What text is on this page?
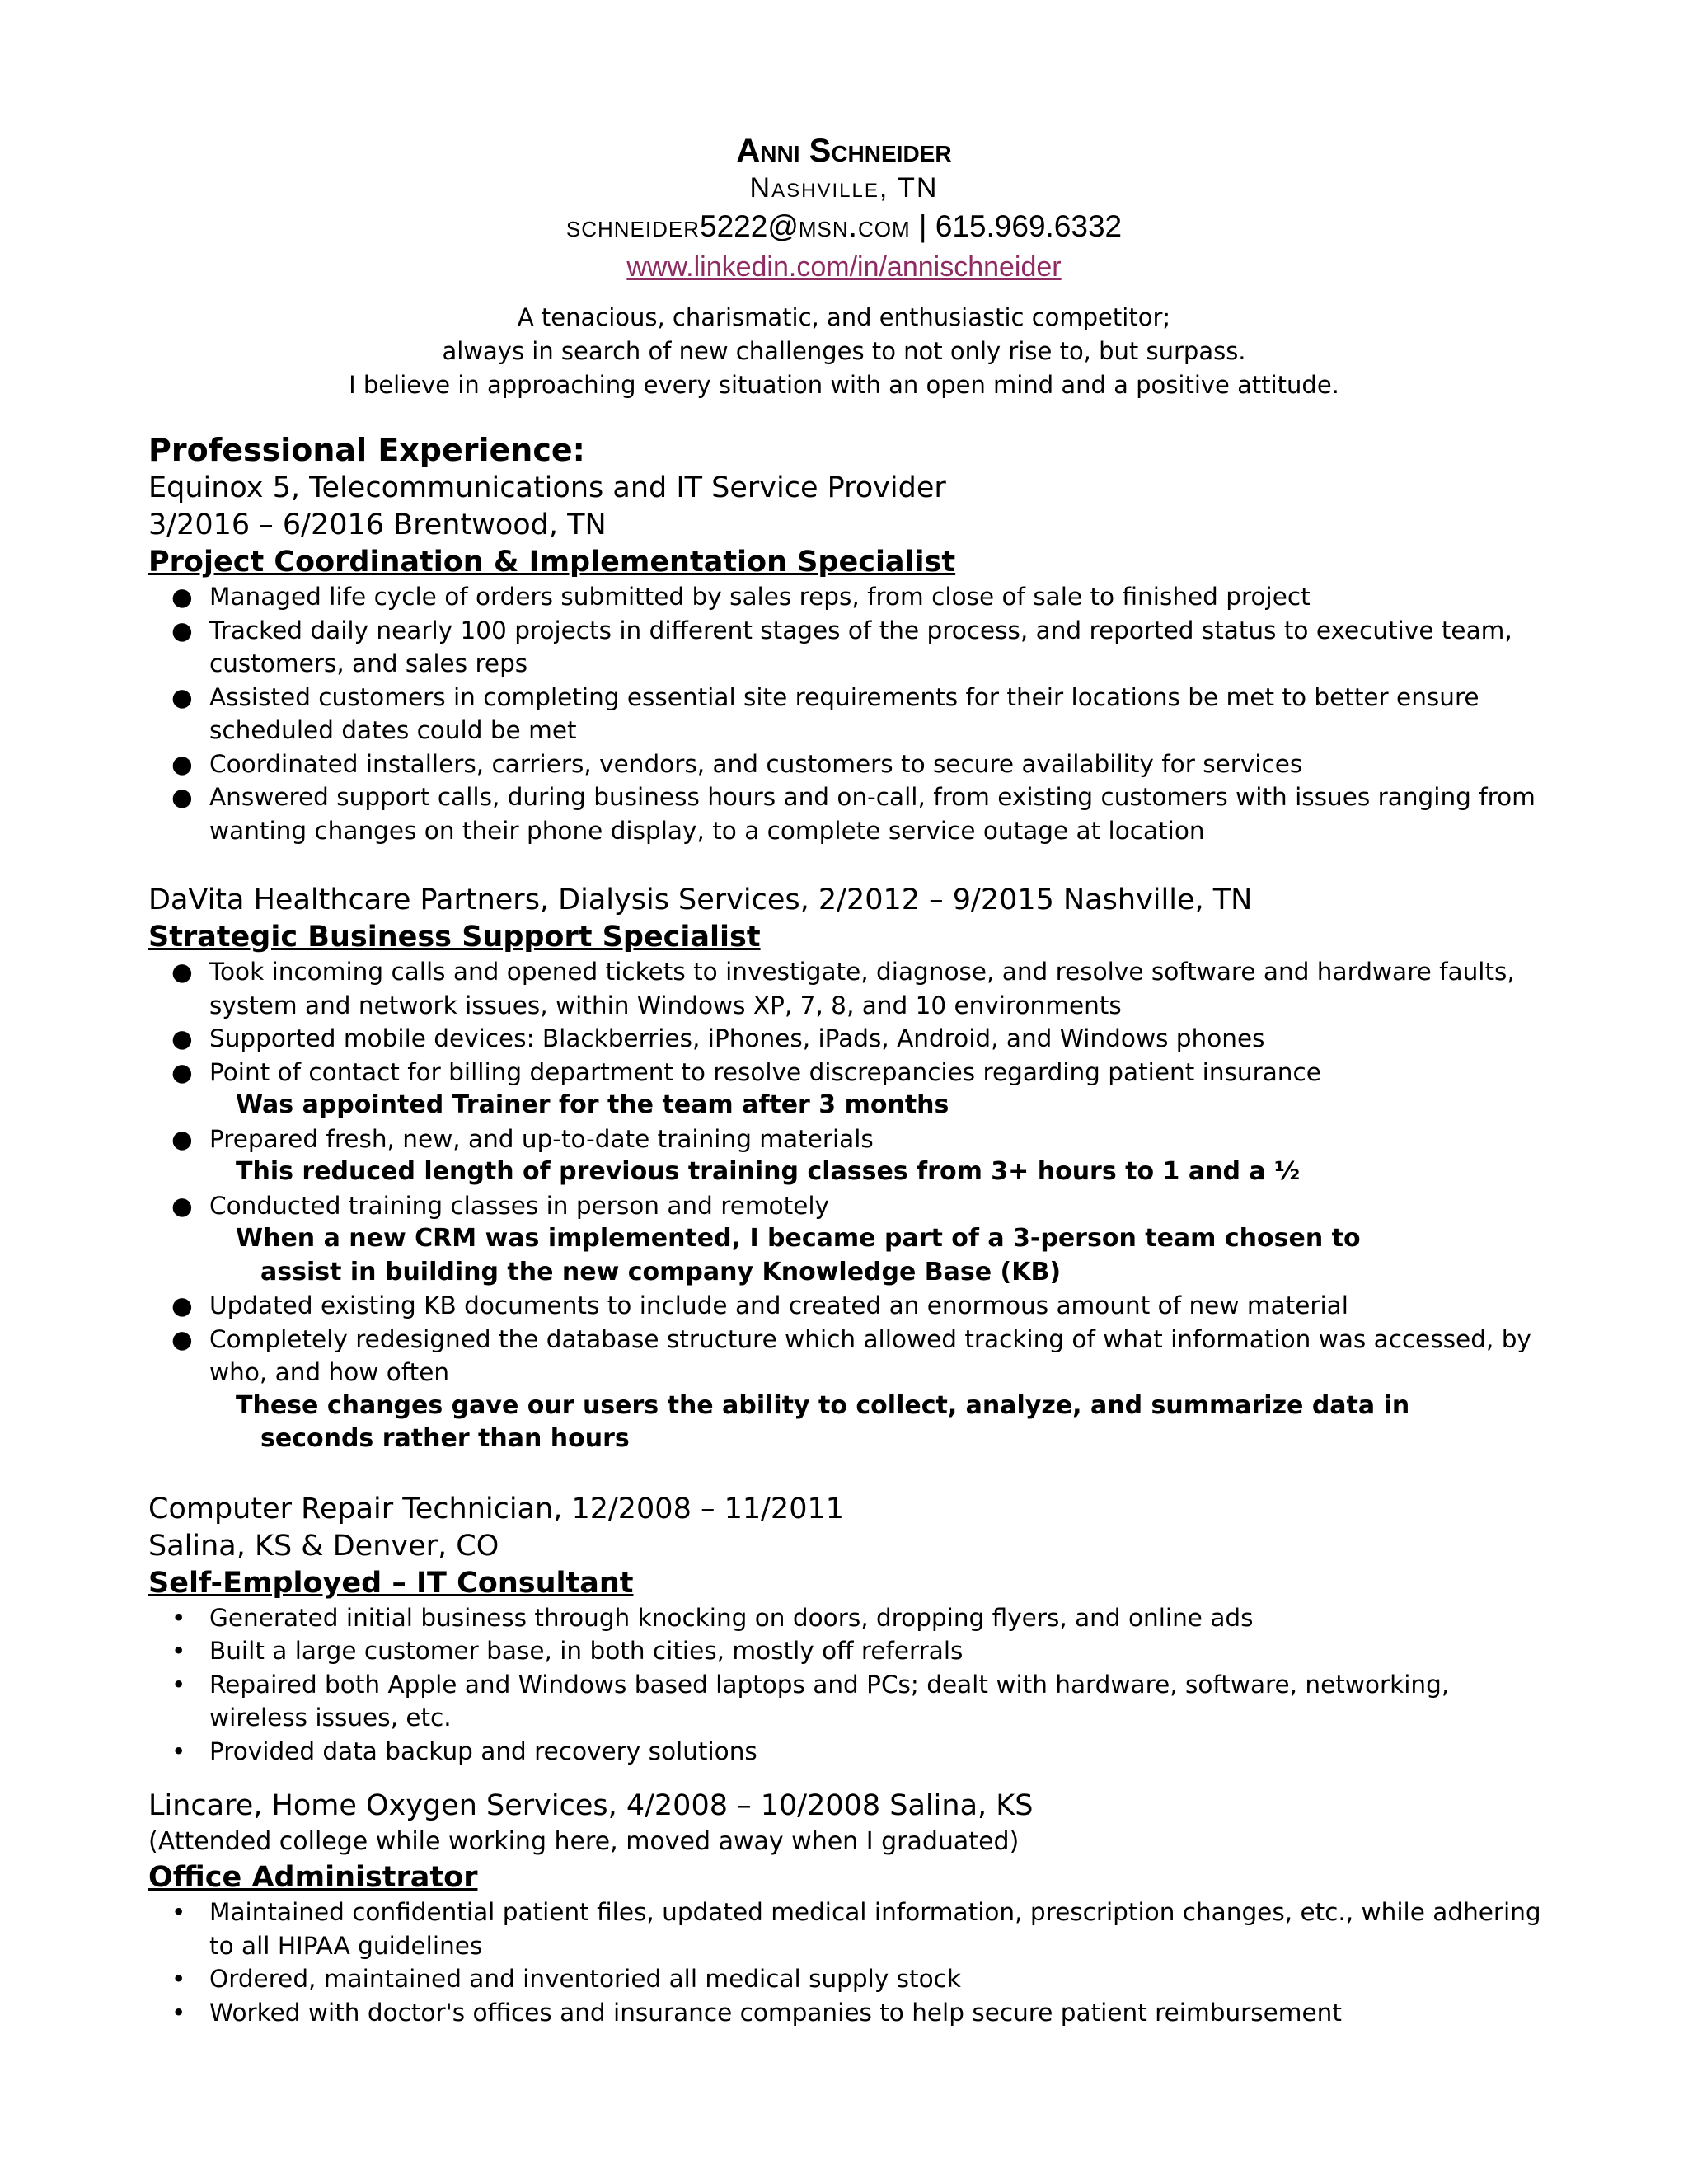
Anni Schneider
Nashville, TN
schneider5222@msn.com | 615.969.6332
www.linkedin.com/in/annischneider
A tenacious, charismatic, and enthusiastic competitor;
always in search of new challenges to not only rise to, but surpass.
I believe in approaching every situation with an open mind and a positive attitude.
Professional Experience:
Equinox 5, Telecommunications and IT Service Provider
3/2016 – 6/2016 Brentwood, TN
Project Coordination & Implementation Specialist
● Managed life cycle of orders submitted by sales reps, from close of sale to finished project
● Tracked daily nearly 100 projects in different stages of the process, and reported status to executive team, customers, and sales reps
● Assisted customers in completing essential site requirements for their locations be met to better ensure scheduled dates could be met
● Coordinated installers, carriers, vendors, and customers to secure availability for services
● Answered support calls, during business hours and on-call, from existing customers with issues ranging from wanting changes on their phone display, to a complete service outage at location
DaVita Healthcare Partners, Dialysis Services, 2/2012 – 9/2015 Nashville, TN
Strategic Business Support Specialist
● Took incoming calls and opened tickets to investigate, diagnose, and resolve software and hardware faults, system and network issues, within Windows XP, 7, 8, and 10 environments
● Supported mobile devices: Blackberries, iPhones, iPads, Android, and Windows phones
● Point of contact for billing department to resolve discrepancies regarding patient insurance
Was appointed Trainer for the team after 3 months
● Prepared fresh, new, and up-to-date training materials
This reduced length of previous training classes from 3+ hours to 1 and a ½
● Conducted training classes in person and remotely
When a new CRM was implemented, I became part of a 3-person team chosen to
assist in building the new company Knowledge Base (KB)
● Updated existing KB documents to include and created an enormous amount of new material
● Completely redesigned the database structure which allowed tracking of what information was accessed, by who, and how often
These changes gave our users the ability to collect, analyze, and summarize data in
seconds rather than hours
Computer Repair Technician, 12/2008 – 11/2011
Salina, KS & Denver, CO
Self-Employed – IT Consultant
• Generated initial business through knocking on doors, dropping flyers, and online ads
• Built a large customer base, in both cities, mostly off referrals
• Repaired both Apple and Windows based laptops and PCs; dealt with hardware, software, networking, wireless issues, etc.
• Provided data backup and recovery solutions
Lincare, Home Oxygen Services, 4/2008 – 10/2008 Salina, KS
(Attended college while working here, moved away when I graduated)
Office Administrator
• Maintained confidential patient files, updated medical information, prescription changes, etc., while adhering to all HIPAA guidelines
• Ordered, maintained and inventoried all medical supply stock
• Worked with doctor's offices and insurance companies to help secure patient reimbursement
